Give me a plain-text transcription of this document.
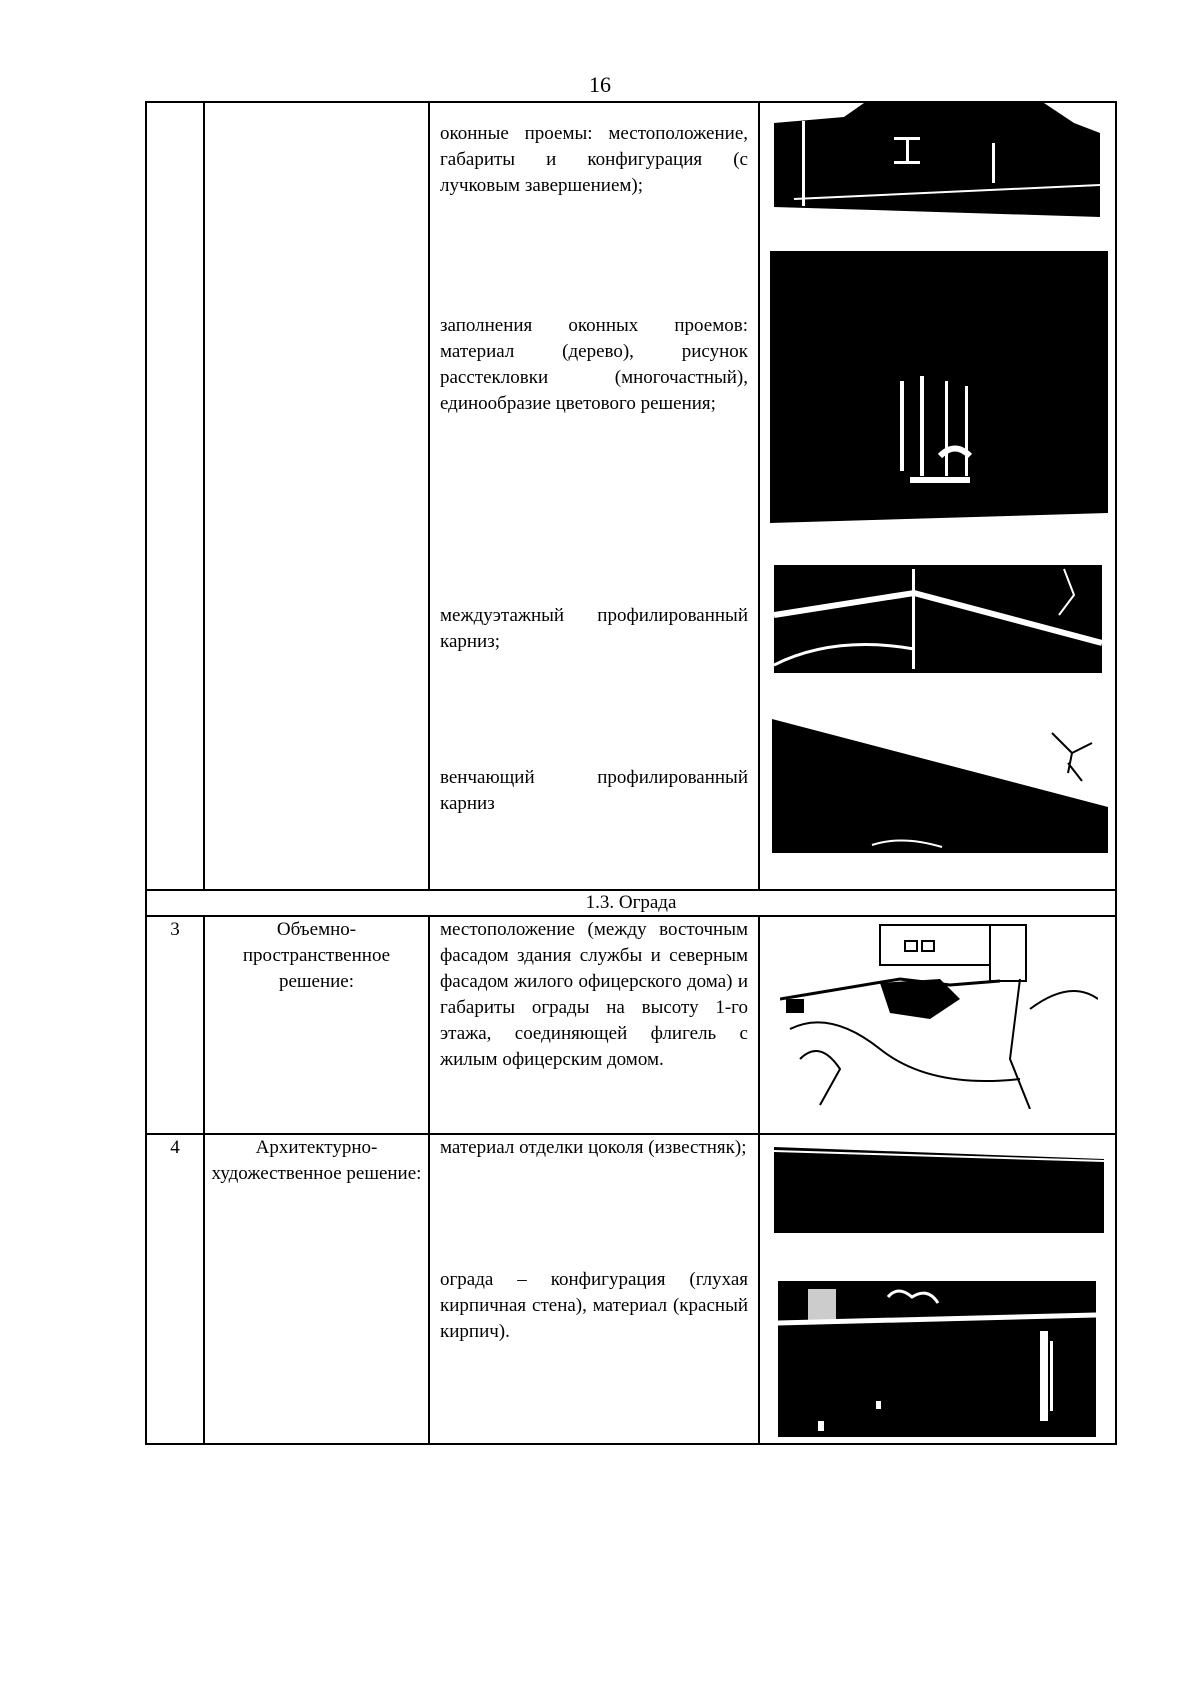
16

		оконные проемы: местоположение, габариты и конфигурация (с лучковым завершением);
заполнения оконных проемов: материал (дерево), рисунок расстекловки (многочастный), единообразие цветового решения;
междуэтажный профилированный карниз;
венчающий профилированный карниз

1.3. Ограда			
3	Объемно-пространственное решение:	местоположение (между восточным фасадом здания службы и северным фасадом жилого офицерского дома) и габариты ограды на высоту 1-го этажа, соединяющей флигель с жилым офицерским домом.

4	Архитектурно-художественное решение:	материал отделки цоколя (известняк);
ограда – конфигурация (глухая кирпичная стена), материал (красный кирпич).
